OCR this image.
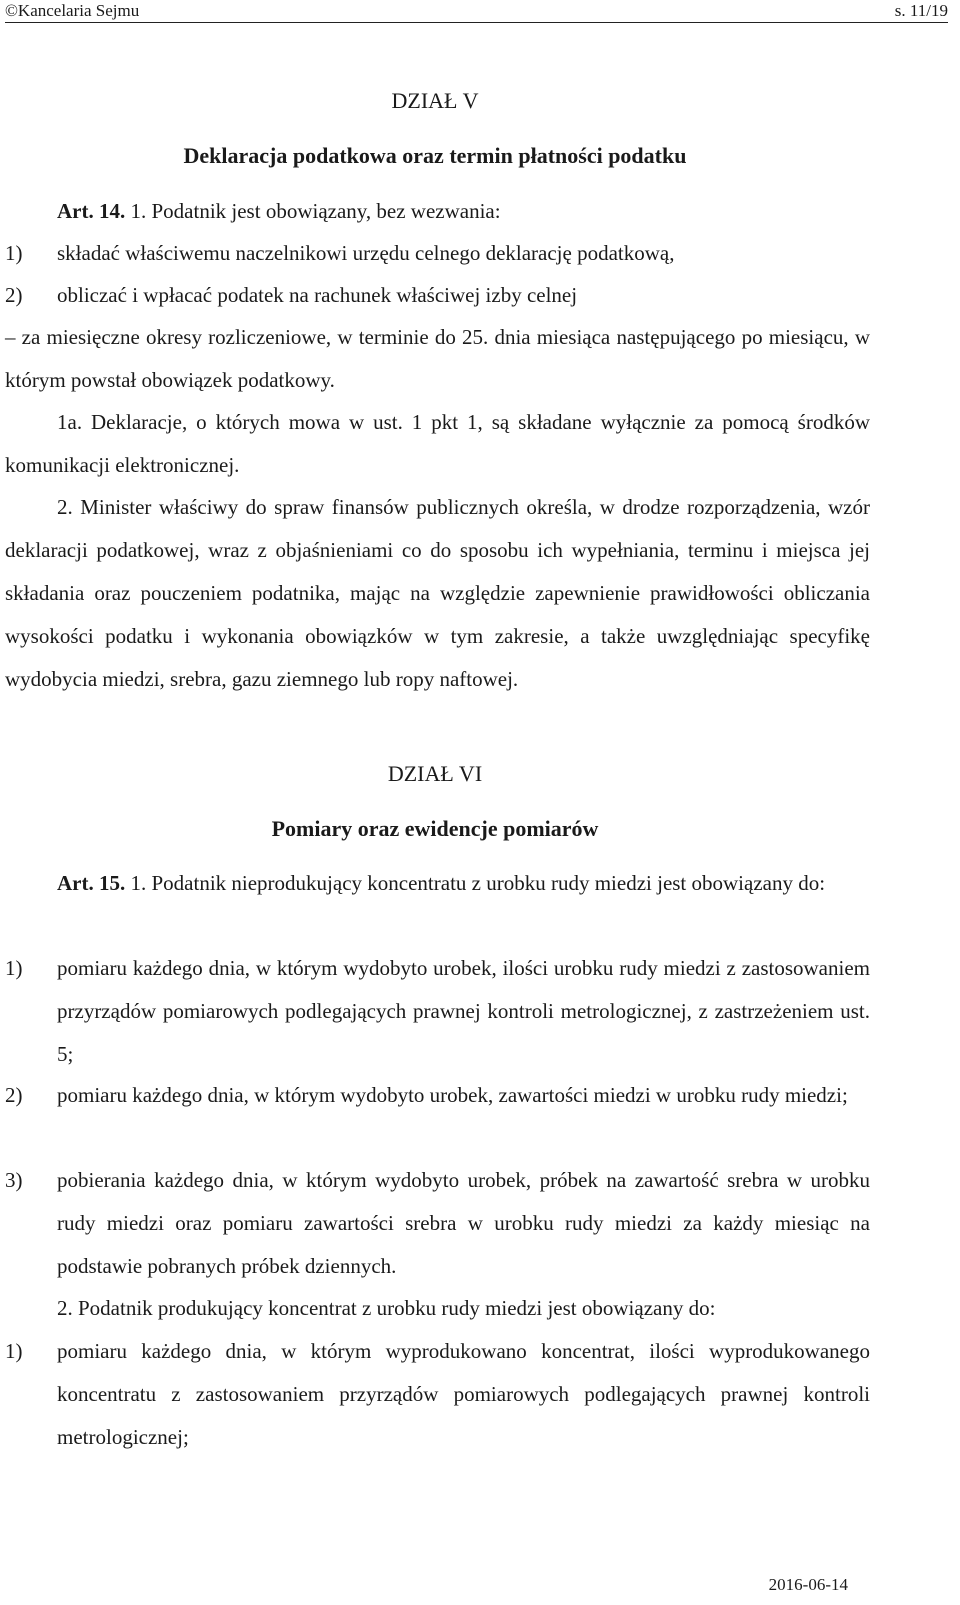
©Kancelaria Sejmu	s. 11/19
DZIAŁ V
Deklaracja podatkowa oraz termin płatności podatku
Art. 14. 1. Podatnik jest obowiązany, bez wezwania:
1)	składać właściwemu naczelnikowi urzędu celnego deklarację podatkową,
2)	obliczać i wpłacać podatek na rachunek właściwej izby celnej
– za miesięczne okresy rozliczeniowe, w terminie do 25. dnia miesiąca następującego po miesiącu, w którym powstał obowiązek podatkowy.
1a. Deklaracje, o których mowa w ust. 1 pkt 1, są składane wyłącznie za pomocą środków komunikacji elektronicznej.
2. Minister właściwy do spraw finansów publicznych określa, w drodze rozporządzenia, wzór deklaracji podatkowej, wraz z objaśnieniami co do sposobu ich wypełniania, terminu i miejsca jej składania oraz pouczeniem podatnika, mając na względzie zapewnienie prawidłowości obliczania wysokości podatku i wykonania obowiązków w tym zakresie, a także uwzględniając specyfikę wydobycia miedzi, srebra, gazu ziemnego lub ropy naftowej.
DZIAŁ VI
Pomiary oraz ewidencje pomiarów
Art. 15. 1. Podatnik nieprodukujący koncentratu z urobku rudy miedzi jest obowiązany do:
1)	pomiaru każdego dnia, w którym wydobyto urobek, ilości urobku rudy miedzi z zastosowaniem przyrządów pomiarowych podlegających prawnej kontroli metrologicznej, z zastrzeżeniem ust. 5;
2)	pomiaru każdego dnia, w którym wydobyto urobek, zawartości miedzi w urobku rudy miedzi;
3)	pobierania każdego dnia, w którym wydobyto urobek, próbek na zawartość srebra w urobku rudy miedzi oraz pomiaru zawartości srebra w urobku rudy miedzi za każdy miesiąc na podstawie pobranych próbek dziennych.
2. Podatnik produkujący koncentrat z urobku rudy miedzi jest obowiązany do:
1)	pomiaru każdego dnia, w którym wyprodukowano koncentrat, ilości wyprodukowanego koncentratu z zastosowaniem przyrządów pomiarowych podlegających prawnej kontroli metrologicznej;
2016-06-14
